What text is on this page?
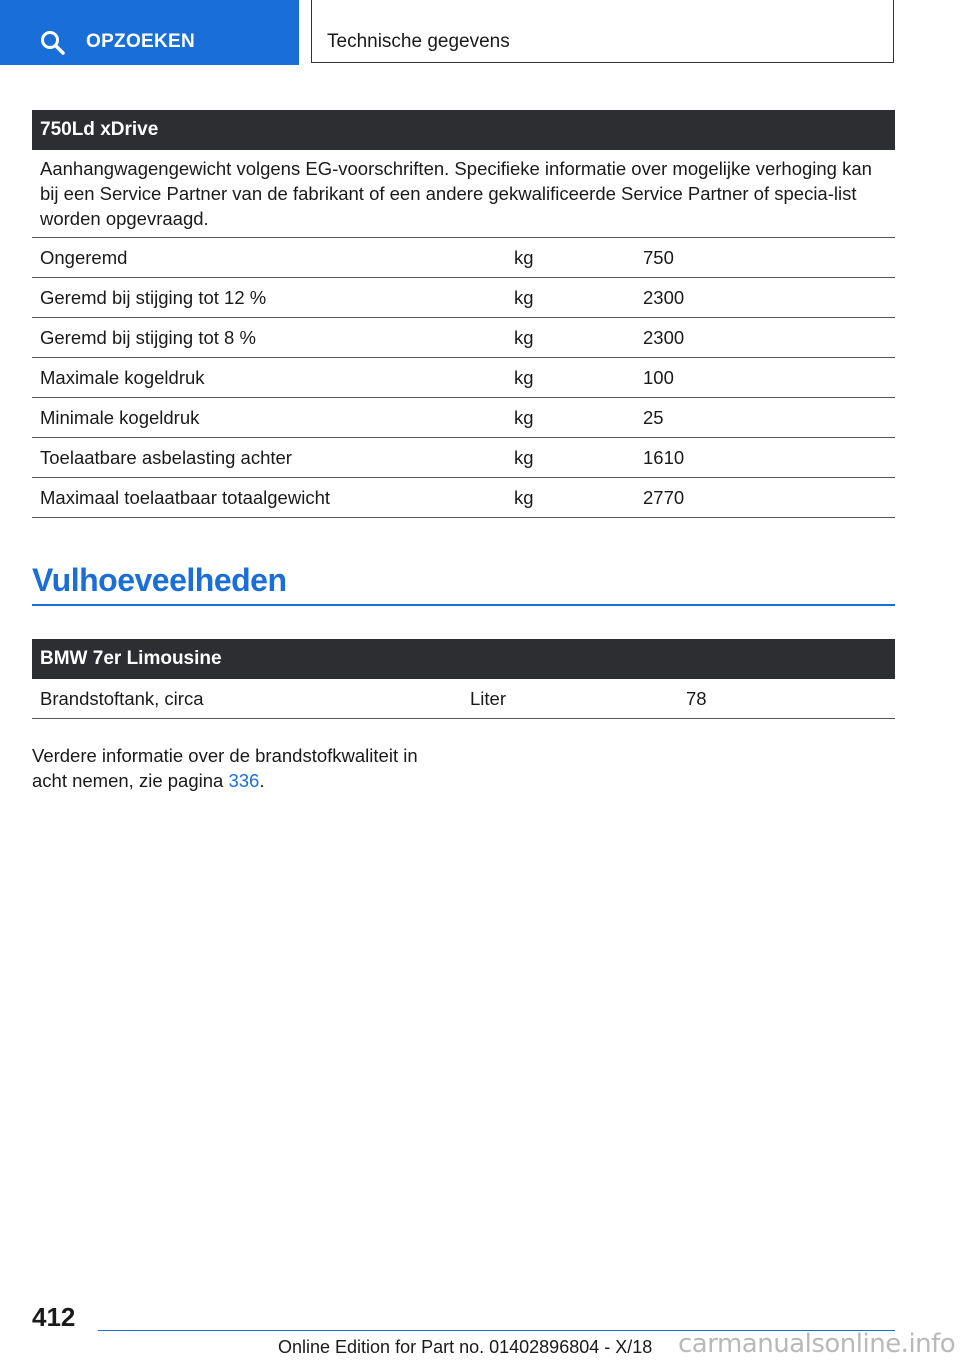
OPZOEKEN	Technische gegevens
750Ld xDrive
Aanhangwagengewicht volgens EG-voorschriften. Specifieke informatie over mogelijke verhoging kan bij een Service Partner van de fabrikant of een andere gekwalificeerde Service Partner of specia‐list worden opgevraagd.
Ongeremd	kg	750
Geremd bij stijging tot 12 %	kg	2300
Geremd bij stijging tot 8 %	kg	2300
Maximale kogeldruk	kg	100
Minimale kogeldruk	kg	25
Toelaatbare asbelasting achter	kg	1610
Maximaal toelaatbaar totaalgewicht	kg	2770
Vulhoeveelheden
BMW 7er Limousine
Brandstoftank, circa	Liter	78
Verdere informatie over de brandstofkwaliteit in acht nemen, zie pagina 336.
412
Online Edition for Part no. 01402896804 - X/18 carmanualsonline.info
